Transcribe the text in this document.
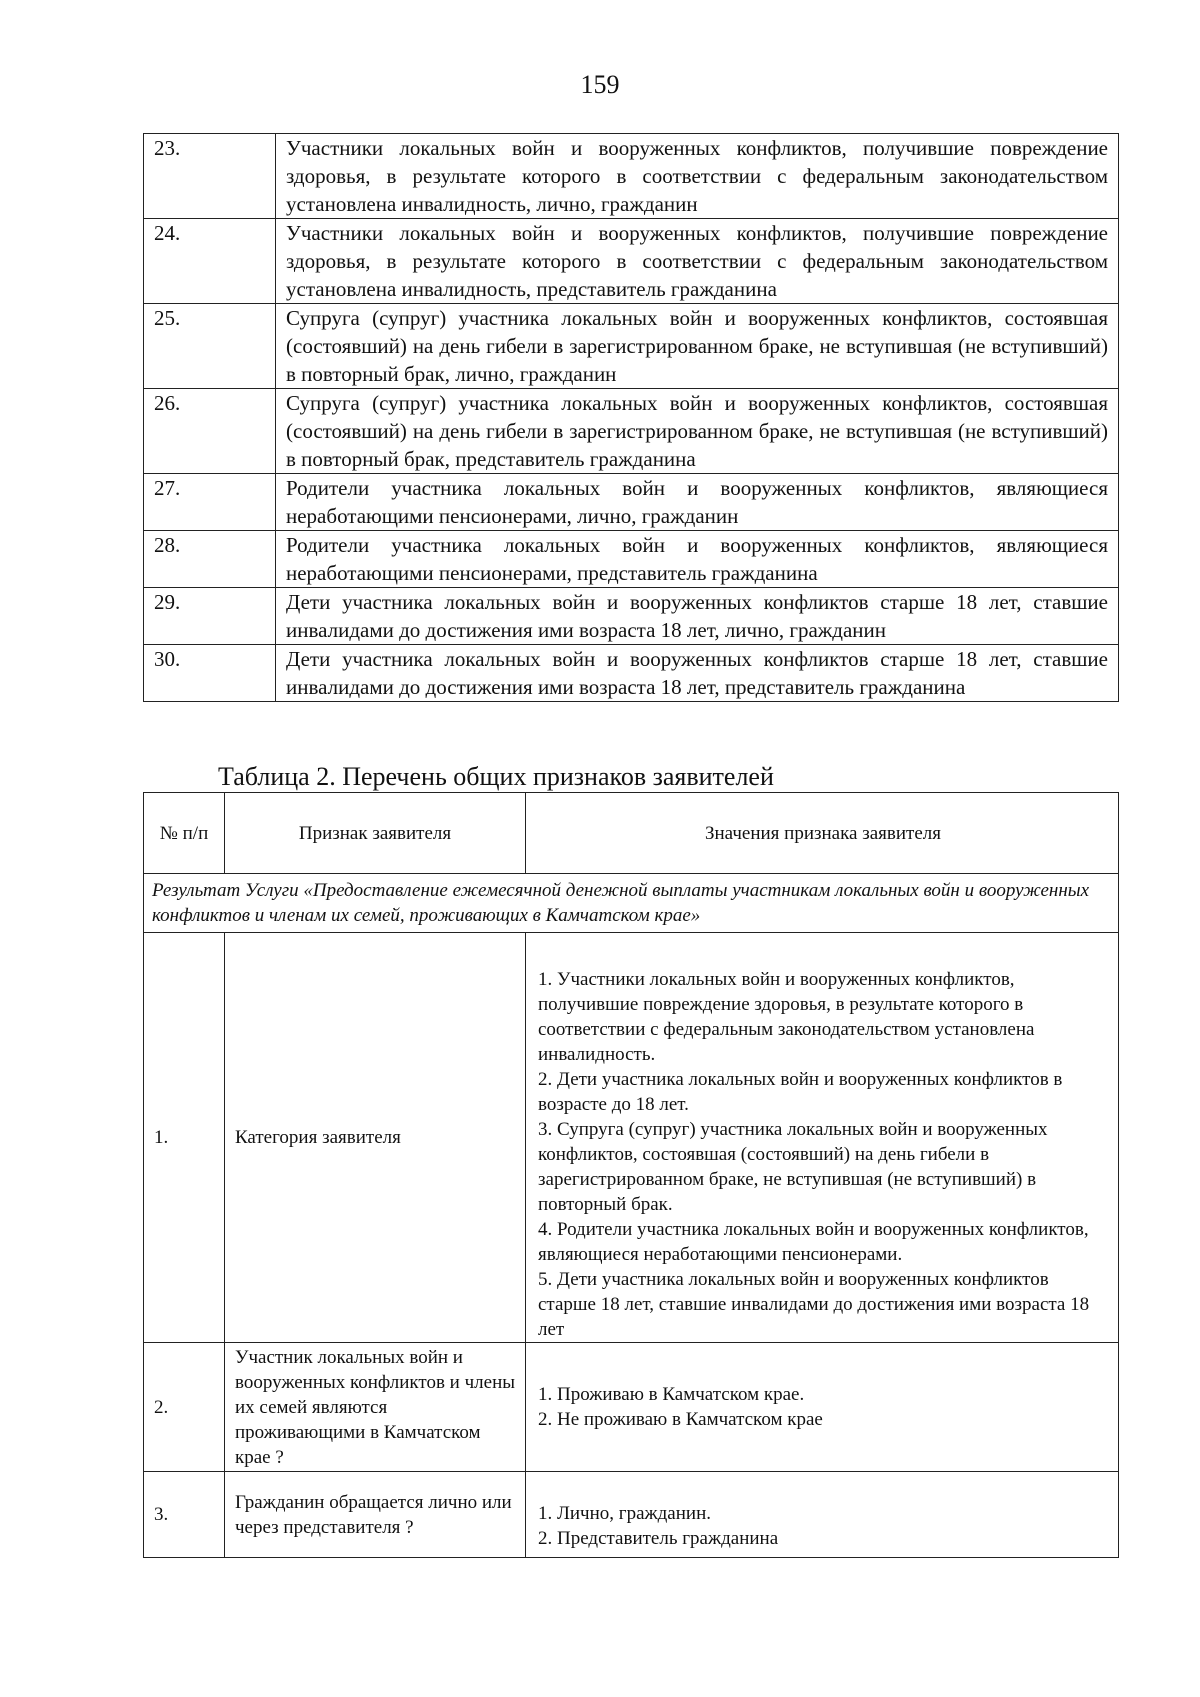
159
23.	Участники локальных войн и вооруженных конфликтов, получившие повреждение здоровья, в результате которого в соответствии с федеральным законодательством установлена инвалидность, лично, гражданин
24.	Участники локальных войн и вооруженных конфликтов, получившие повреждение здоровья, в результате которого в соответствии с федеральным законодательством установлена инвалидность, представитель гражданина
25.	Супруга (супруг) участника локальных войн и вооруженных конфликтов, состоявшая (состоявший) на день гибели в зарегистрированном браке, не вступившая (не вступивший) в повторный брак, лично, гражданин
26.	Супруга (супруг) участника локальных войн и вооруженных конфликтов, состоявшая (состоявший) на день гибели в зарегистрированном браке, не вступившая (не вступивший) в повторный брак, представитель гражданина
27.	Родители участника локальных войн и вооруженных конфликтов, являющиеся неработающими пенсионерами, лично, гражданин
28.	Родители участника локальных войн и вооруженных конфликтов, являющиеся неработающими пенсионерами, представитель гражданина
29.	Дети участника локальных войн и вооруженных конфликтов старше 18 лет, ставшие инвалидами до достижения ими возраста 18 лет, лично, гражданин
30.	Дети участника локальных войн и вооруженных конфликтов старше 18 лет, ставшие инвалидами до достижения ими возраста 18 лет, представитель гражданина
Таблица 2. Перечень общих признаков заявителей
№ п/п	Признак заявителя	Значения признака заявителя
Результат Услуги «Предоставление ежемесячной денежной выплаты участникам локальных войн и вооруженных конфликтов и членам их семей, проживающих в Камчатском крае»		
1.	Категория заявителя	1. Участники локальных войн и вооруженных конфликтов, получившие повреждение здоровья, в результате которого в соответствии с федеральным законодательством установлена инвалидность.
2. Дети участника локальных войн и вооруженных конфликтов в возрасте до 18 лет.
3. Супруга (супруг) участника локальных войн и вооруженных конфликтов, состоявшая (состоявший) на день гибели в зарегистрированном браке, не вступившая (не вступивший) в повторный брак.
4. Родители участника локальных войн и вооруженных конфликтов, являющиеся неработающими пенсионерами.
5. Дети участника локальных войн и вооруженных конфликтов старше 18 лет, ставшие инвалидами до достижения ими возраста 18 лет

2.	Участник локальных войн и вооруженных конфликтов и члены их семей являются проживающими в Камчатском крае ?	1. Проживаю в Камчатском крае.
2. Не проживаю в Камчатском крае

3.	Гражданин обращается лично или через представителя ?	1. Лично, гражданин.
2. Представитель гражданина
